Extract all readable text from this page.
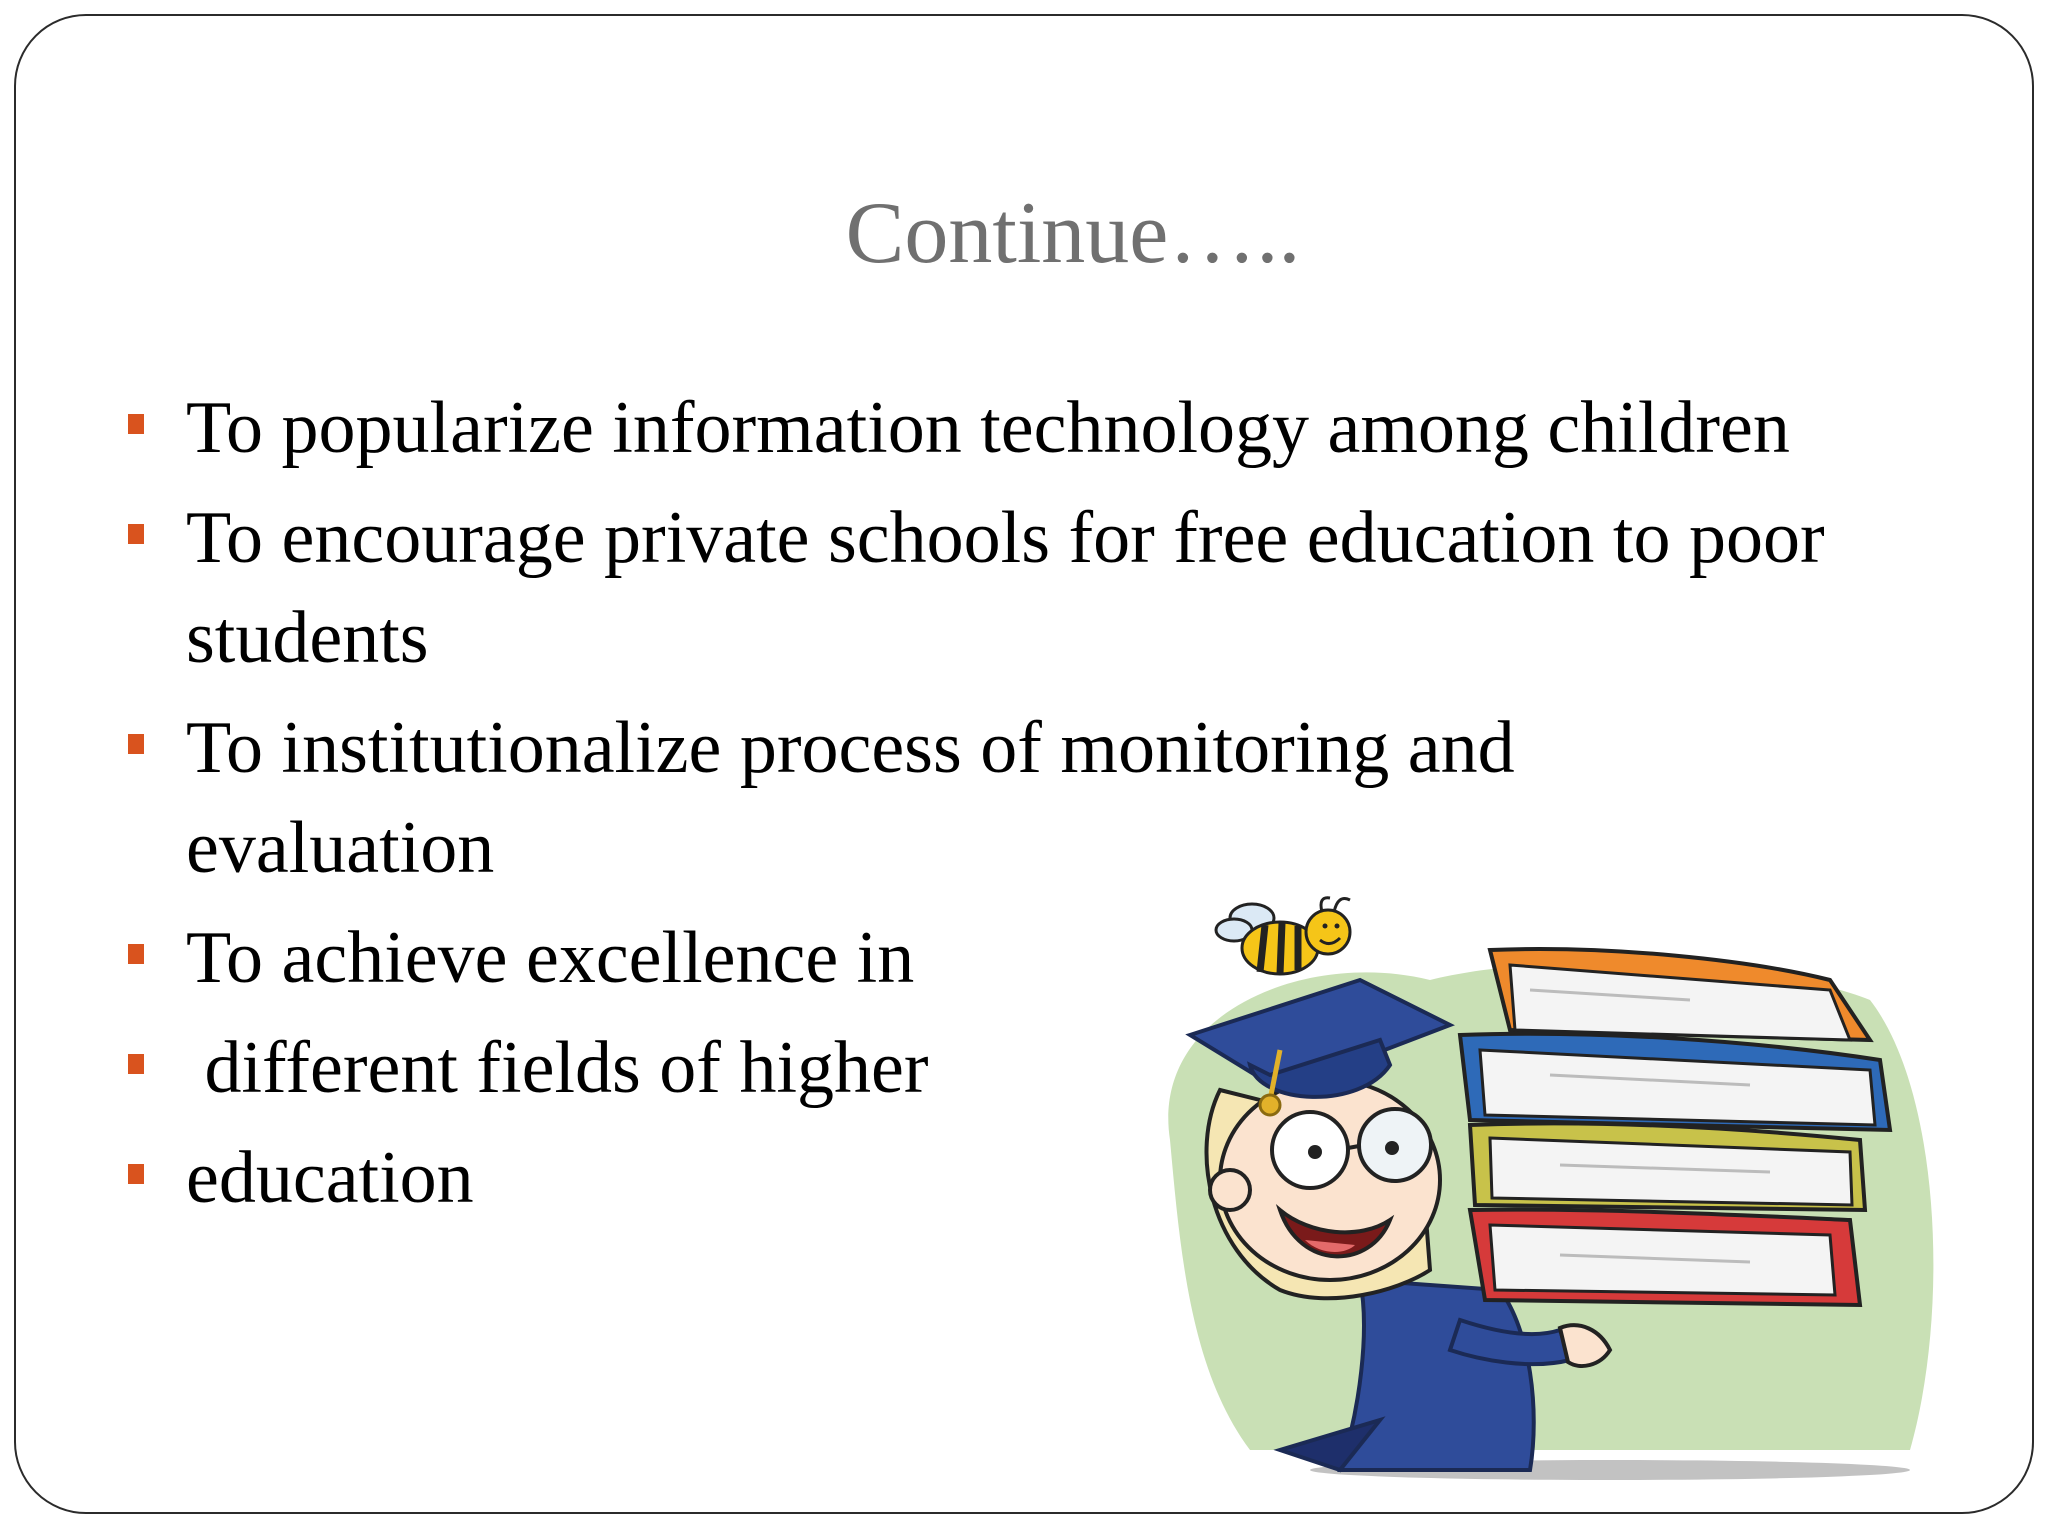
Continue…..
To popularize information technology among children
To encourage private schools for free education to poor students
To institutionalize process of monitoring and evaluation
To achieve excellence in
different fields of higher
education
